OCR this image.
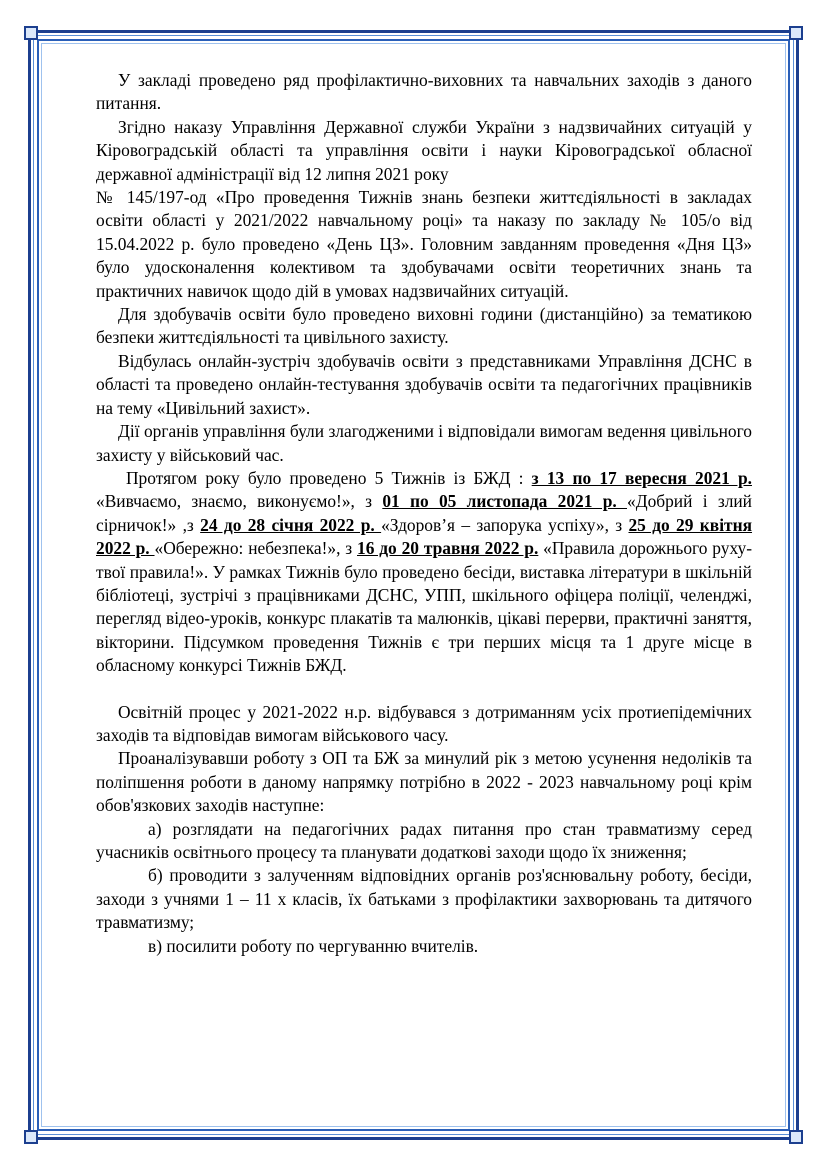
У закладі проведено ряд профілактично-виховних та навчальних заходів з даного питання.

Згідно наказу Управління Державної служби України з надзвичайних ситуацій у Кіровоградській області та управління освіти і науки Кіровоградської обласної державної адміністрації від 12 липня 2021 року

№ 145/197-од «Про проведення Тижнів знань безпеки життєдіяльності в закладах освіти області у 2021/2022 навчальному році» та наказу по закладу № 105/о від 15.04.2022 р. було проведено «День ЦЗ». Головним завданням проведення «Дня ЦЗ» було удосконалення колективом та здобувачами освіти теоретичних знань та практичних навичок щодо дій в умовах надзвичайних ситуацій.

Для здобувачів освіти було проведено виховні години (дистанційно) за тематикою безпеки життєдіяльності та цивільного захисту.

Відбулась онлайн-зустріч здобувачів освіти з представниками Управління ДСНС в області та проведено онлайн-тестування здобувачів освіти та педагогічних працівників на тему «Цивільний захист».

Дії органів управління були злагодженими і відповідали вимогам ведення цивільного захисту у військовий час.

Протягом року було проведено 5 Тижнів із БЖД : з 13 по 17 вересня 2021 р. «Вивчаємо, знаємо, виконуємо!», з 01 по 05 листопада 2021 р. «Добрий і злий сірничок!» ,з 24 до 28 січня 2022 р. «Здоров’я – запорука успіху», з 25 до 29 квітня 2022 р. «Обережно: небезпека!», з 16 до 20 травня 2022 р. «Правила дорожнього руху-твої правила!». У рамках Тижнів було проведено бесіди, виставка літератури в шкільній бібліотеці, зустрічі з працівниками ДСНС, УПП, шкільного офіцера поліції, челенджі, перегляд відео-уроків, конкурс плакатів та малюнків, цікаві перерви, практичні заняття, вікторини. Підсумком проведення Тижнів є три перших місця та 1 друге місце в обласному конкурсі Тижнів БЖД.

Освітній процес у 2021-2022 н.р. відбувався з дотриманням усіх протиепідемічних заходів та відповідав вимогам військового часу.

Проаналізувавши роботу з ОП та БЖ за минулий рік з метою усунення недоліків та поліпшення роботи в даному напрямку потрібно в 2022 - 2023 навчальному році крім обов'язкових заходів наступне:

а) розглядати на педагогічних радах питання про стан травматизму серед учасників освітнього процесу та планувати додаткові заходи щодо їх зниження;

б) проводити з залученням відповідних органів роз'яснювальну роботу, бесіди, заходи з учнями 1 – 11 х класів, їх батьками з профілактики захворювань та дитячого травматизму;

в) посилити роботу по чергуванню вчителів.
